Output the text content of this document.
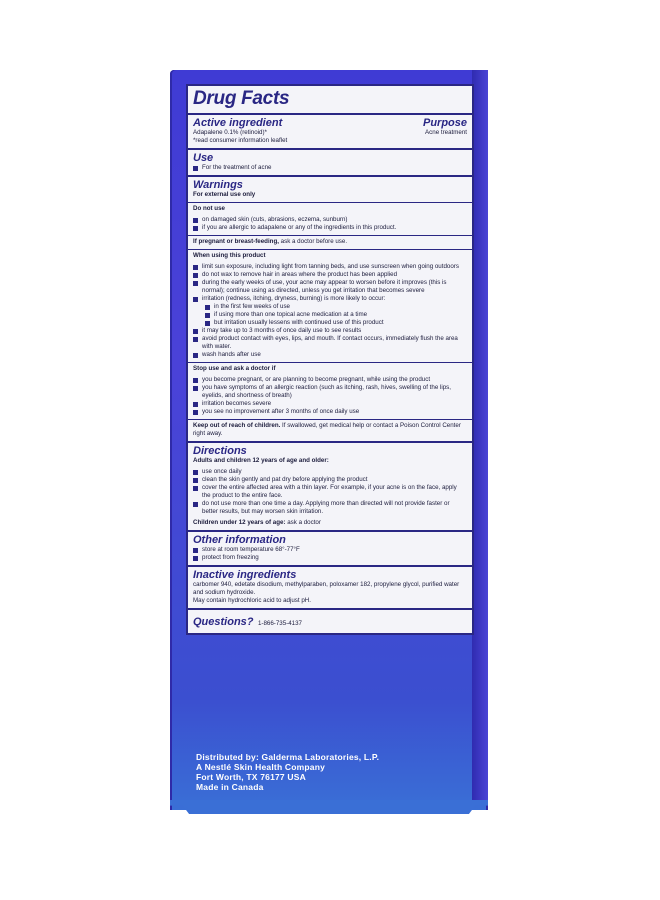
Drug Facts
Active ingredient
Adapalene 0.1% (retinoid)*
*read consumer information leaflet
Purpose
Acne treatment
Use
For the treatment of acne
Warnings
For external use only
Do not use
on damaged skin (cuts, abrasions, eczema, sunburn)
if you are allergic to adapalene or any of the ingredients in this product.
If pregnant or breast-feeding, ask a doctor before use.
When using this product
limit sun exposure, including light from tanning beds, and use sunscreen when going outdoors
do not wax to remove hair in areas where the product has been applied
during the early weeks of use, your acne may appear to worsen before it improves (this is normal); continue using as directed, unless you get irritation that becomes severe
irritation (redness, itching, dryness, burning) is more likely to occur:
in the first few weeks of use
if using more than one topical acne medication at a time
but irritation usually lessens with continued use of this product
it may take up to 3 months of once daily use to see results
avoid product contact with eyes, lips, and mouth. If contact occurs, immediately flush the area with water.
wash hands after use
Stop use and ask a doctor if
you become pregnant, or are planning to become pregnant, while using the product
you have symptoms of an allergic reaction (such as itching, rash, hives, swelling of the lips, eyelids, and shortness of breath)
irritation becomes severe
you see no improvement after 3 months of once daily use
Keep out of reach of children. If swallowed, get medical help or contact a Poison Control Center right away.
Directions
Adults and children 12 years of age and older:
use once daily
clean the skin gently and pat dry before applying the product
cover the entire affected area with a thin layer. For example, if your acne is on the face, apply the product to the entire face.
do not use more than one time a day. Applying more than directed will not provide faster or better results, but may worsen skin irritation.
Children under 12 years of age: ask a doctor
Other information
store at room temperature 68°-77°F
protect from freezing
Inactive ingredients
carbomer 940, edetate disodium, methylparaben, poloxamer 182, propylene glycol, purified water and sodium hydroxide.
May contain hydrochloric acid to adjust pH.
Questions? 1-866-735-4137
Distributed by: Galderma Laboratories, L.P.
A Nestlé Skin Health Company
Fort Worth, TX 76177 USA
Made in Canada
